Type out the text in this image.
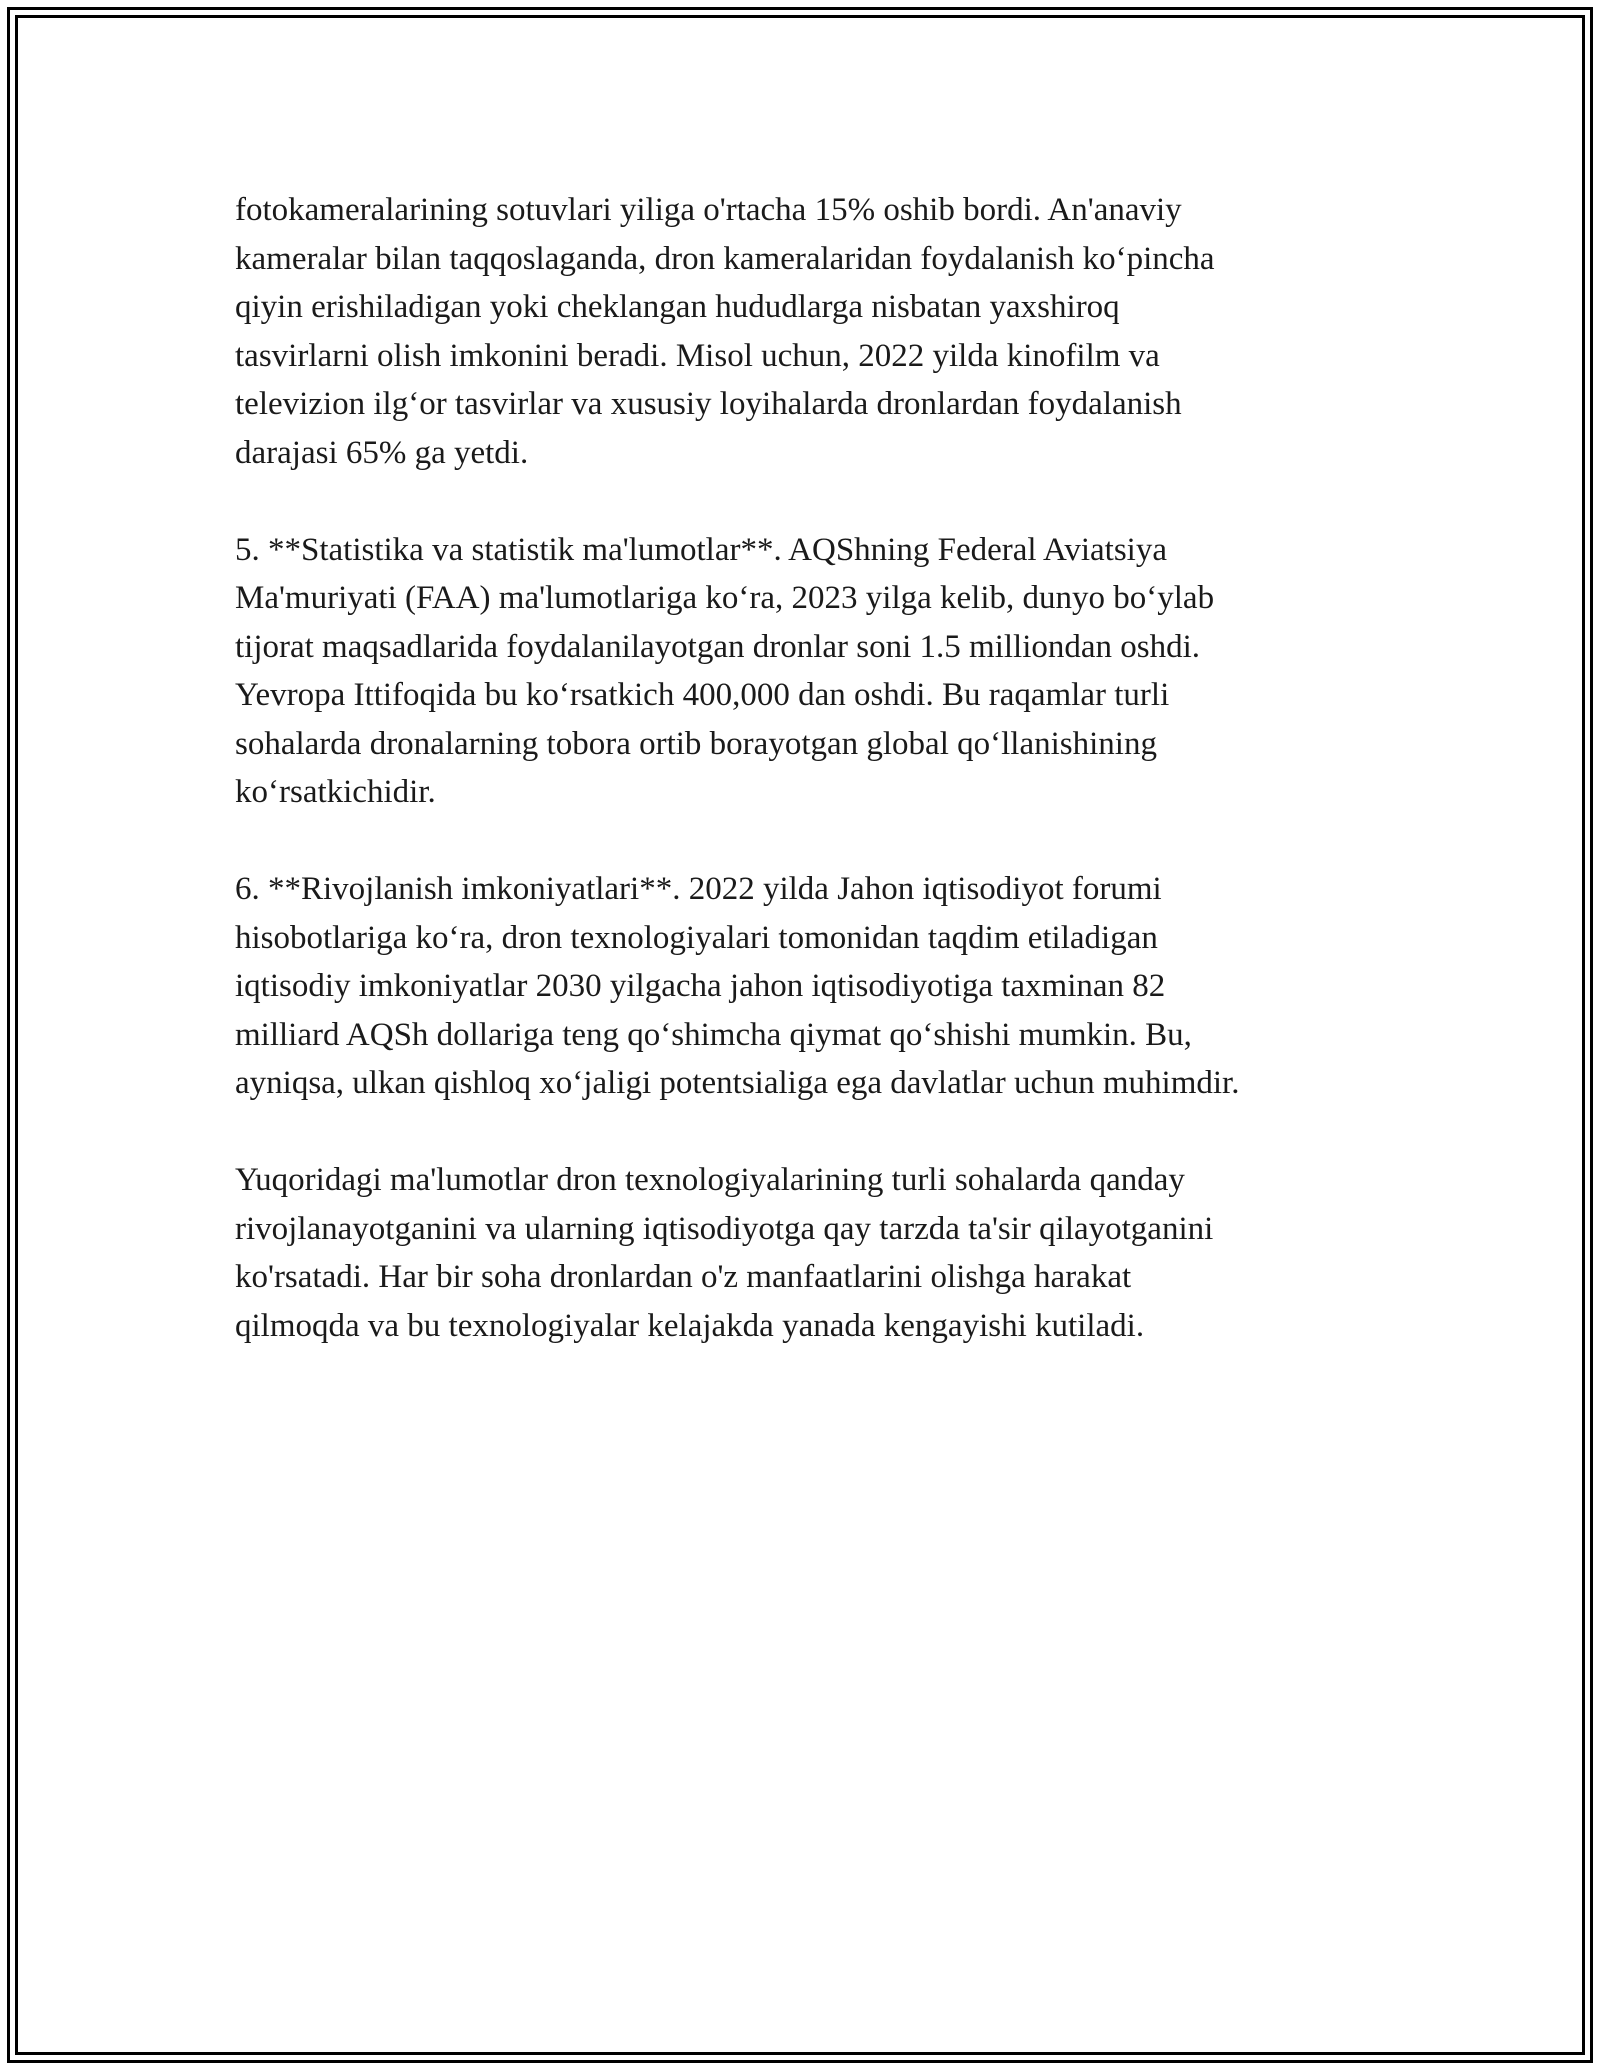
fotokameralarining sotuvlari yiliga o'rtacha 15% oshib bordi. An'anaviy
kameralar bilan taqqoslaganda, dron kameralaridan foydalanish ko‘pincha
qiyin erishiladigan yoki cheklangan hududlarga nisbatan yaxshiroq
tasvirlarni olish imkonini beradi. Misol uchun, 2022 yilda kinofilm va
televizion ilg‘or tasvirlar va xususiy loyihalarda dronlardan foydalanish
darajasi 65% ga yetdi.

5. **Statistika va statistik ma'lumotlar**. AQShning Federal Aviatsiya
Ma'muriyati (FAA) ma'lumotlariga ko‘ra, 2023 yilga kelib, dunyo bo‘ylab
tijorat maqsadlarida foydalanilayotgan dronlar soni 1.5 milliondan oshdi.
Yevropa Ittifoqida bu ko‘rsatkich 400,000 dan oshdi. Bu raqamlar turli
sohalarda dronalarning tobora ortib borayotgan global qo‘llanishining
ko‘rsatkichidir.

6. **Rivojlanish imkoniyatlari**. 2022 yilda Jahon iqtisodiyot forumi
hisobotlariga ko‘ra, dron texnologiyalari tomonidan taqdim etiladigan
iqtisodiy imkoniyatlar 2030 yilgacha jahon iqtisodiyotiga taxminan 82
milliard AQSh dollariga teng qo‘shimcha qiymat qo‘shishi mumkin. Bu,
ayniqsa, ulkan qishloq xo‘jaligi potentsialiga ega davlatlar uchun muhimdir.

Yuqoridagi ma'lumotlar dron texnologiyalarining turli sohalarda qanday
rivojlanayotganini va ularning iqtisodiyotga qay tarzda ta'sir qilayotganini
ko'rsatadi. Har bir soha dronlardan o'z manfaatlarini olishga harakat
qilmoqda va bu texnologiyalar kelajakda yanada kengayishi kutiladi.
